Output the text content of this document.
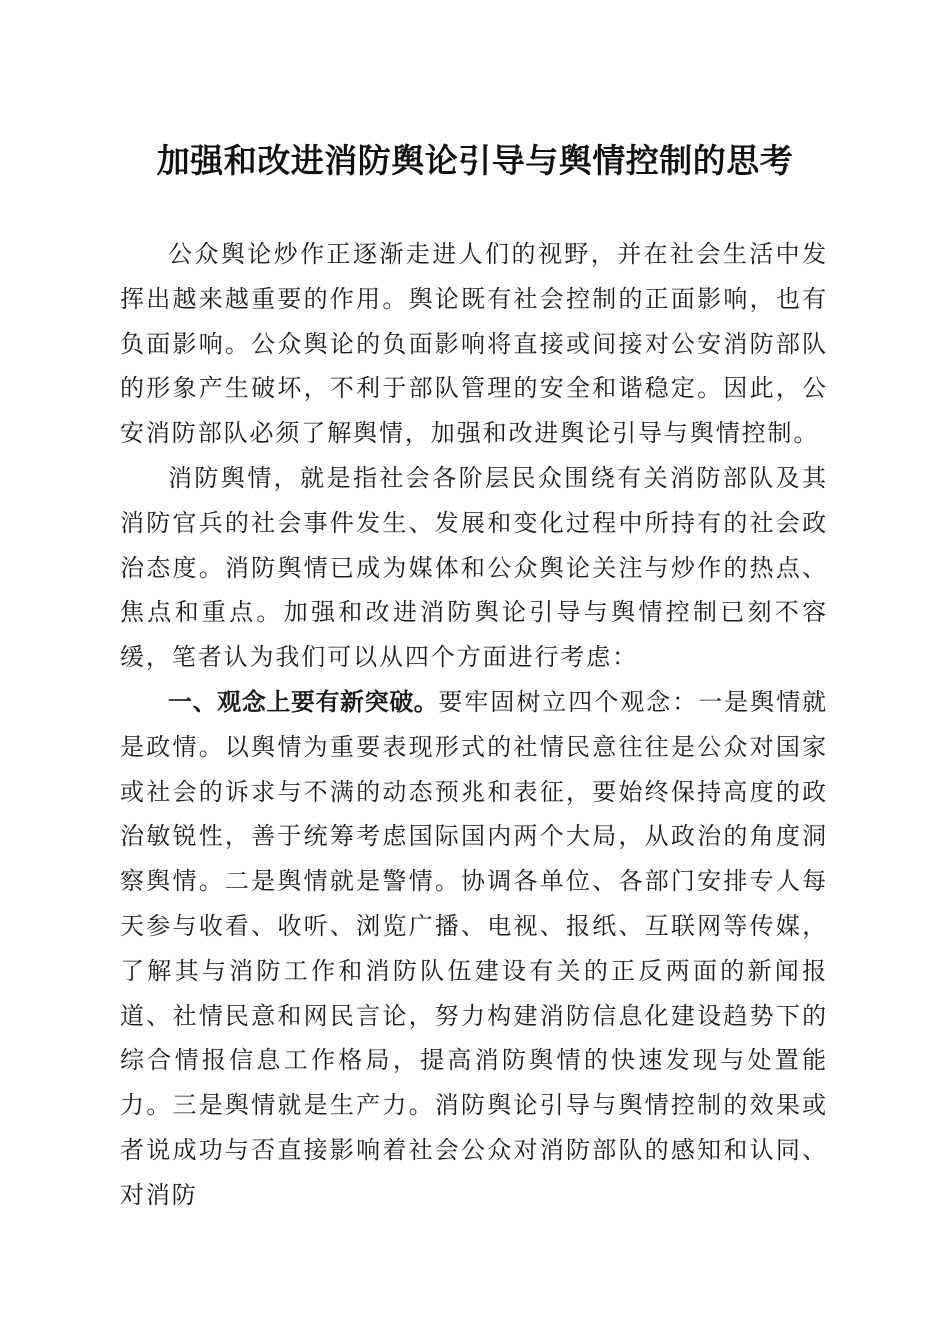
加强和改进消防舆论引导与舆情控制的思考

公众舆论炒作正逐渐走进人们的视野，并在社会生活中发挥出越来越重要的作用。舆论既有社会控制的正面影响，也有负面影响。公众舆论的负面影响将直接或间接对公安消防部队的形象产生破坏，不利于部队管理的安全和谐稳定。因此，公安消防部队必须了解舆情，加强和改进舆论引导与舆情控制。

消防舆情，就是指社会各阶层民众围绕有关消防部队及其消防官兵的社会事件发生、发展和变化过程中所持有的社会政治态度。消防舆情已成为媒体和公众舆论关注与炒作的热点、焦点和重点。加强和改进消防舆论引导与舆情控制已刻不容缓，笔者认为我们可以从四个方面进行考虑：

一、观念上要有新突破。要牢固树立四个观念：一是舆情就是政情。以舆情为重要表现形式的社情民意往往是公众对国家或社会的诉求与不满的动态预兆和表征，要始终保持高度的政治敏锐性，善于统筹考虑国际国内两个大局，从政治的角度洞察舆情。二是舆情就是警情。协调各单位、各部门安排专人每天参与收看、收听、浏览广播、电视、报纸、互联网等传媒，了解其与消防工作和消防队伍建设有关的正反两面的新闻报道、社情民意和网民言论，努力构建消防信息化建设趋势下的综合情报信息工作格局，提高消防舆情的快速发现与处置能力。三是舆情就是生产力。消防舆论引导与舆情控制的效果或者说成功与否直接影响着社会公众对消防部队的感知和认同、对消防
